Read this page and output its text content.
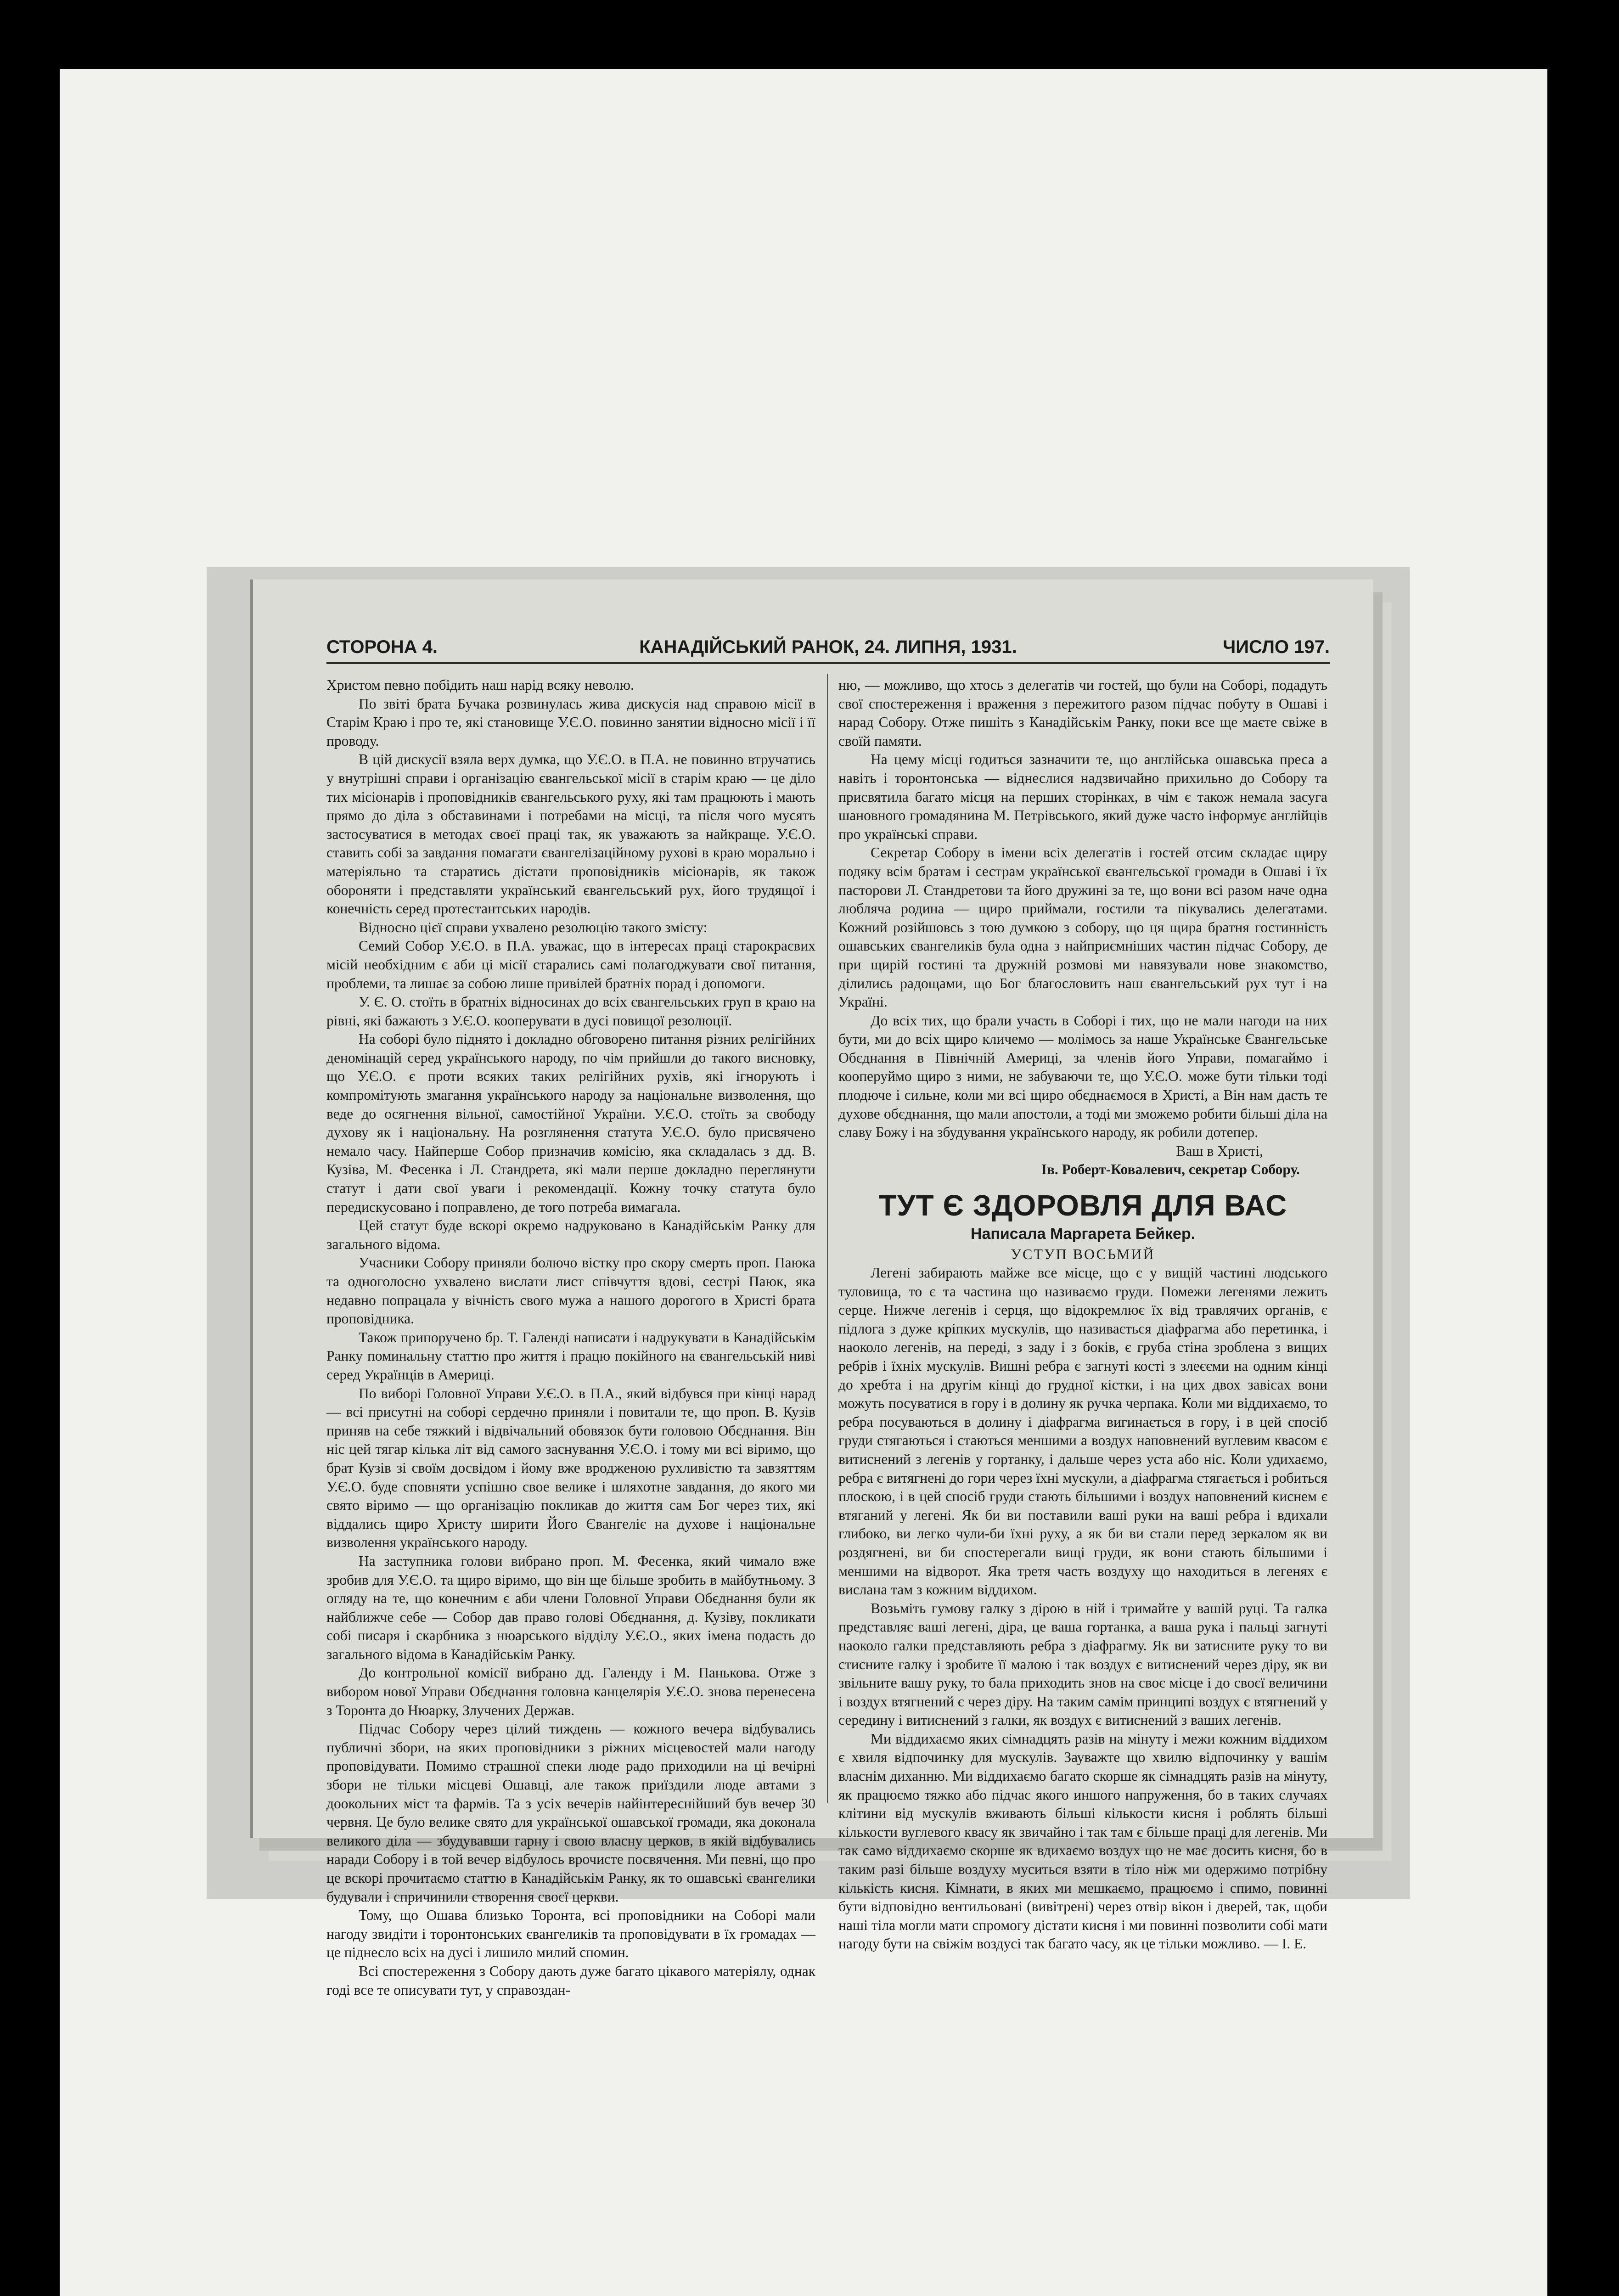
СТОРОНА 4.	КАНАДІЙСЬКИЙ РАНОК, 24. ЛИПНЯ, 1931.	ЧИСЛО 197.

Христом певно побідить наш нарід всяку неволю.

По звіті брата Бучака розвинулась жива дискусія над справою місії в Старім Краю і про те, які становище У.Є.О. повинно занятии відносно місії і її проводу.

В цій дискусії взяла верх думка, що У.Є.О. в П.А. не повинно втручатись у внутрішні справи і організацію євангельської місії в старім краю — це діло тих місіонарів і проповідників євангельського руху, які там працюють і мають прямо до діла з обставинами і потребами на місці, та після чого мусять застосуватися в методах своєї праці так, як уважають за найкраще. У.Є.О. ставить собі за завдання помагати євангелізаційному рухові в краю морально і матеріяльно та старатись дістати проповідників місіонарів, як також обороняти і представляти український євангельський рух, його трудящої і конечність серед протестантських народів.

Відносно цієї справи ухвалено резолюцію такого змісту:

Семий Собор У.Є.О. в П.А. уважає, що в інтересах праці старокраєвих місій необхідним є аби ці місії старались самі полагоджувати свої питання, проблеми, та лишає за собою лише привілей братніх порад і допомоги.

У. Є. О. стоїть в братніх відносинах до всіх євангельських груп в краю на рівні, які бажають з У.Є.О. кооперувати в дусі повищої резолюції.

На соборі було піднято і докладно обговорено питання різних релігійних деномінацій серед українського народу, по чім прийшли до такого висновку, що У.Є.О. є проти всяких таких релігійних рухів, які ігнорують і компромітують змагання українського народу за національне визволення, що веде до осягнення вільної, самостійної України. У.Є.О. стоїть за свободу духову як і національну. На розглянення статута У.Є.О. було присвячено немало часу. Найперше Собор призначив комісію, яка складалась з дд. В. Кузіва, М. Фесенка і Л. Стандрета, які мали перше докладно переглянути статут і дати свої уваги і рекомендації. Кожну точку статута було передискусовано і поправлено, де того потреба вимагала.

Цей статут буде вскорі окремо надруковано в Канадійськім Ранку для загального відома.

Учасники Собору приняли болючо вістку про скору смерть проп. Паюка та одноголосно ухвалено вислати лист співчуття вдові, сестрі Паюк, яка недавно попрацала у вічність свого мужа а нашого дорогого в Христі брата проповідника.

Також припоручено бр. Т. Галенді написати і надрукувати в Канадійськім Ранку поминальну статтю про життя і працю покійного на євангельській ниві серед Українців в Америці.

По виборі Головної Управи У.Є.О. в П.А., який відбувся при кінці нарад — всі присутні на соборі сердечно приняли і повитали те, що проп. В. Кузів приняв на себе тяжкий і відвічальний обовязок бути головою Обєднання. Він ніс цей тягар кілька літ від самого заснування У.Є.О. і тому ми всі віримо, що брат Кузів зі своїм досвідом і йому вже вродженою рухливістю та завзяттям У.Є.О. буде сповняти успішно свое велике і шляхотне завдання, до якого ми свято віримо — що організацію покликав до життя сам Бог через тих, які віддались щиро Христу ширити Його Євангеліє на духове і національне визволення українського народу.

На заступника голови вибрано проп. М. Фесенка, який чимало вже зробив для У.Є.О. та щиро віримо, що він ще більше зробить в майбутньому. З огляду на те, що конечним є аби члени Головної Управи Обєднання були як найближче себе — Собор дав право голові Обєднання, д. Кузіву, покликати собі писаря і скарбника з нюарського відділу У.Є.О., яких імена подасть до загального відома в Канадійськім Ранку.

До контрольної комісії вибрано дд. Галенду і М. Панькова. Отже з вибором нової Управи Обєднання головна канцелярія У.Є.О. знова перенесена з Торонта до Нюарку, Злучених Держав.

Підчас Собору через цілий тиждень — кожного вечера відбувались публичні збори, на яких проповідники з ріжних місцевостей мали нагоду проповідувати. Помимо страшної спеки люде радо приходили на ці вечірні збори не тільки місцеві Ошавці, але також приїздили люде автами з доокольних міст та фармів. Та з усіх вечерів найінтереснійший був вечер 30 червня. Це було велике свято для української ошавської громади, яка доконала великого діла — збудувавши гарну і свою власну церков, в якій відбувались наради Собору і в той вечер відбулось врочисте посвячення. Ми певні, що про це вскорі прочитаємо статтю в Канадійськім Ранку, як то ошавські євангелики будували і спричинили створення своєї церкви.

Тому, що Ошава близько Торонта, всі проповідники на Соборі мали нагоду звидіти і торонтонських євангеликів та проповідувати в їх громадах — це піднесло всіх на дусі і лишило милий спомин.

Всі спостереження з Собору дають дуже багато цікавого матеріялу, однак годі все те описувати тут, у справоздан-

ню, — можливо, що хтось з делегатів чи гостей, що були на Соборі, подадуть свої спостереження і враження з пережитого разом підчас побуту в Ошаві і нарад Собору. Отже пишіть з Канадійськім Ранку, поки все ще маєте свіже в своїй памяти.

На цему місці годиться зазначити те, що англійська ошавська преса а навіть і торонтонська — віднеслися надзвичайно прихильно до Собору та присвятила багато місця на перших сторінках, в чім є також немала засуга шановного громадянина М. Петрівського, який дуже часто інформує англійців про українські справи.

Секретар Собору в імени всіх делегатів і гостей отсим складає щиру подяку всім братам і сестрам української євангельської громади в Ошаві і їх пасторови Л. Стандретови та його дружині за те, що вони всі разом наче одна люблячa родина — щиро приймали, гостили та пікувались делегатами. Кожний розійшовсь з тою думкою з собору, що ця щира братня гостинність ошавських євангеликів була одна з найприємніших частин підчас Собору, де при щирій гостині та дружній розмові ми навязували нове знакомство, ділились радощами, що Бог благословить наш євангельський рух тут і на Україні.

До всіх тих, що брали участь в Соборі і тих, що не мали нагоди на них бути, ми до всіх щиро кличемо — молімось за наше Українське Євангельське Обєднання в Північній Америці, за членів його Управи, помагаймо і кооперуймо щиро з ними, не забуваючи те, що У.Є.О. може бути тільки тоді плодюче і сильне, коли ми всі щиро обєднаємося в Христі, а Він нам дасть те духове обєднання, що мали апостоли, а тоді ми зможемо робити більші діла на славу Божу і на збудування українського народу, як робили дотепер.

Ваш в Христі,
Ів. Роберт-Ковалевич, секретар Собору.
ТУТ Є ЗДОРОВЛЯ ДЛЯ ВАС
Написала Маргарета Бейкер.
УСТУП ВОСЬМИЙ

Легені забирають майже все місце, що є у вищій частині людського туловища, то є та частина що називаємо груди. Помежи легенями лежить серце. Нижче легенів і серця, що відокремлює їх від травлячих органів, є підлога з дуже кріпких мускулів, що називається діафрагма або перетинка, і наоколо легенів, на переді, з заду і з боків, є груба стіна зроблена з вищих ребрів і їхніх мускулів. Вишні ребра є загнуті кості з злеєєми на одним кінці до хребта і на другім кінці до грудної кістки, і на цих двох завісах вони можуть посуватися в гору і в долину як ручка черпака. Коли ми віддихаємо, то ребра посуваються в долину і діафрагма вигинається в гору, і в цей спосіб груди стягаються і стаються меншими а воздух наповнений вуглевим квасом є витиснений з легенів у гортанку, і дальше через уста або ніс. Коли удихаємо, ребра є витягнені до гори через їхні мускули, а діафрагма стягається і робиться плоскою, і в цей спосіб груди стають більшими і воздух наповнений киснем є втяганий у легені. Як би ви поставили ваші руки на ваші ребра і вдихали глибоко, ви легко чули-би їхні руху, а як би ви стали перед зеркалом як ви роздягнені, ви би спостерегали вищі груди, як вони стають більшими і меншими на відворот. Яка третя часть воздуху що находиться в легенях є вислана там з кожним віддихом.

Возьміть гумову галку з дірою в ній і тримайте у вашій руці. Та галка представляє ваші легені, діра, це ваша гортанка, а ваша рука і пальці загнуті наоколо галки представляють ребра з діафрагму. Як ви затисните руку то ви стисните галку і зробите її малою і так воздух є витиснений через діру, як ви звільните вашу руку, то бала приходить знов на своє місце і до своєї величини і воздух втягнений є через діру. На таким самім принципі воздух є втягнений у середину і витиснений з галки, як воздух є витиснений з ваших легенів.

Ми віддихаємо яких сімнадцять разів на мінуту і межи кожним віддихом є хвиля відпочинку для мускулів. Зауважте що хвилю відпочинку у вашім власнім диханню. Ми віддихаємо багато скорше як сімнадцять разів на мінуту, як працюємо тяжко або підчас якого иншого напруження, бо в таких случаях клітини від мускулів вживають більші кількости кисня і роблять більші кількости вуглевого квасу як звичайно і так там є більше праці для легенів. Ми так само віддихаємо скорше як вдихаємо воздух що не має досить кисня, бо в таким разі більше воздуху муситься взяти в тіло ніж ми одержимо потрібну кількість кисня. Кімнати, в яких ми мешкаємо, працюємо і спимо, повинні бути відповідно вентильовані (вивітрені) через отвір вікон і дверей, так, щоби наші тіла могли мати спромогу дістати кисня і ми повинні позволити собі мати нагоду бути на свіжім воздусі так багато часу, як це тільки можливо. — І. Е.
